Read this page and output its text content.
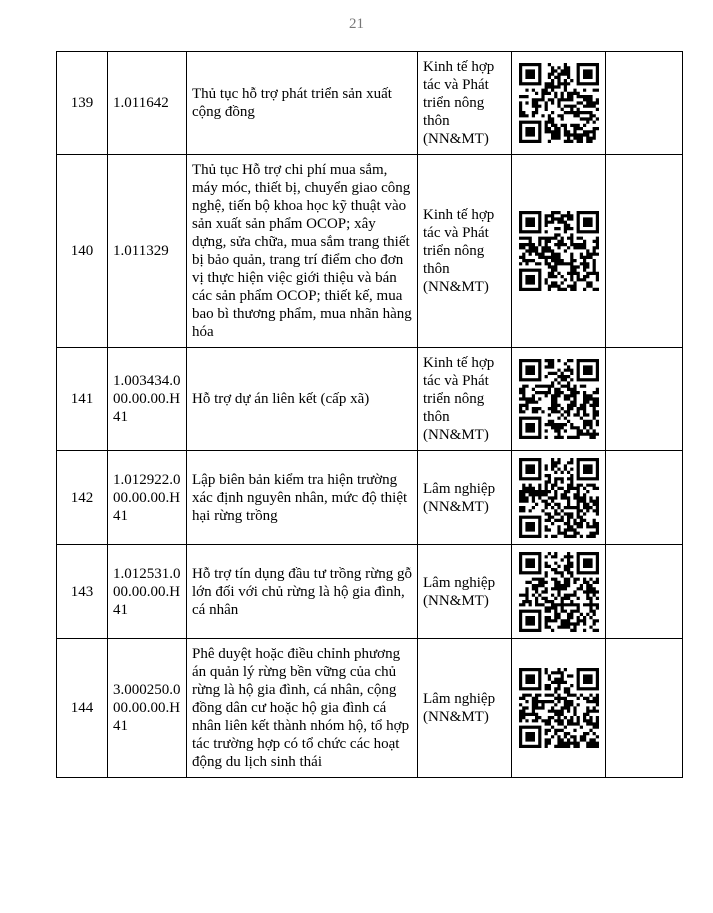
21
139	1.011642	Thủ tục hỗ trợ phát triển sản xuất cộng đồng	Kinh tế hợp tác và Phát triển nông thôn (NN&MT)	

140	1.011329	Thủ tục Hỗ trợ chi phí mua sắm, máy móc, thiết bị, chuyển giao công nghệ, tiến bộ khoa học kỹ thuật vào sản xuất sản phẩm OCOP; xây dựng, sửa chữa, mua sắm trang thiết bị bảo quản, trang trí điểm cho đơn vị thực hiện việc giới thiệu và bán các sản phẩm OCOP; thiết kế, mua bao bì thương phẩm, mua nhãn hàng hóa	Kinh tế hợp tác và Phát triển nông thôn (NN&MT)	

141	1.003434.000.00.00.H41	Hỗ trợ dự án liên kết (cấp xã)	Kinh tế hợp tác và Phát triển nông thôn (NN&MT)	

142	1.012922.000.00.00.H41	Lập biên bản kiểm tra hiện trường xác định nguyên nhân, mức độ thiệt hại rừng trồng	Lâm nghiệp (NN&MT)	

143	1.012531.000.00.00.H41	Hỗ trợ tín dụng đầu tư trồng rừng gỗ lớn đối với chủ rừng là hộ gia đình, cá nhân	Lâm nghiệp (NN&MT)	

144	3.000250.000.00.00.H41	Phê duyệt hoặc điều chỉnh phương án quản lý rừng bền vững của chủ rừng là hộ gia đình, cá nhân, cộng đồng dân cư hoặc hộ gia đình cá nhân liên kết thành nhóm hộ, tổ hợp tác trường hợp có tổ chức các hoạt động du lịch sinh thái	Lâm nghiệp (NN&MT)	
